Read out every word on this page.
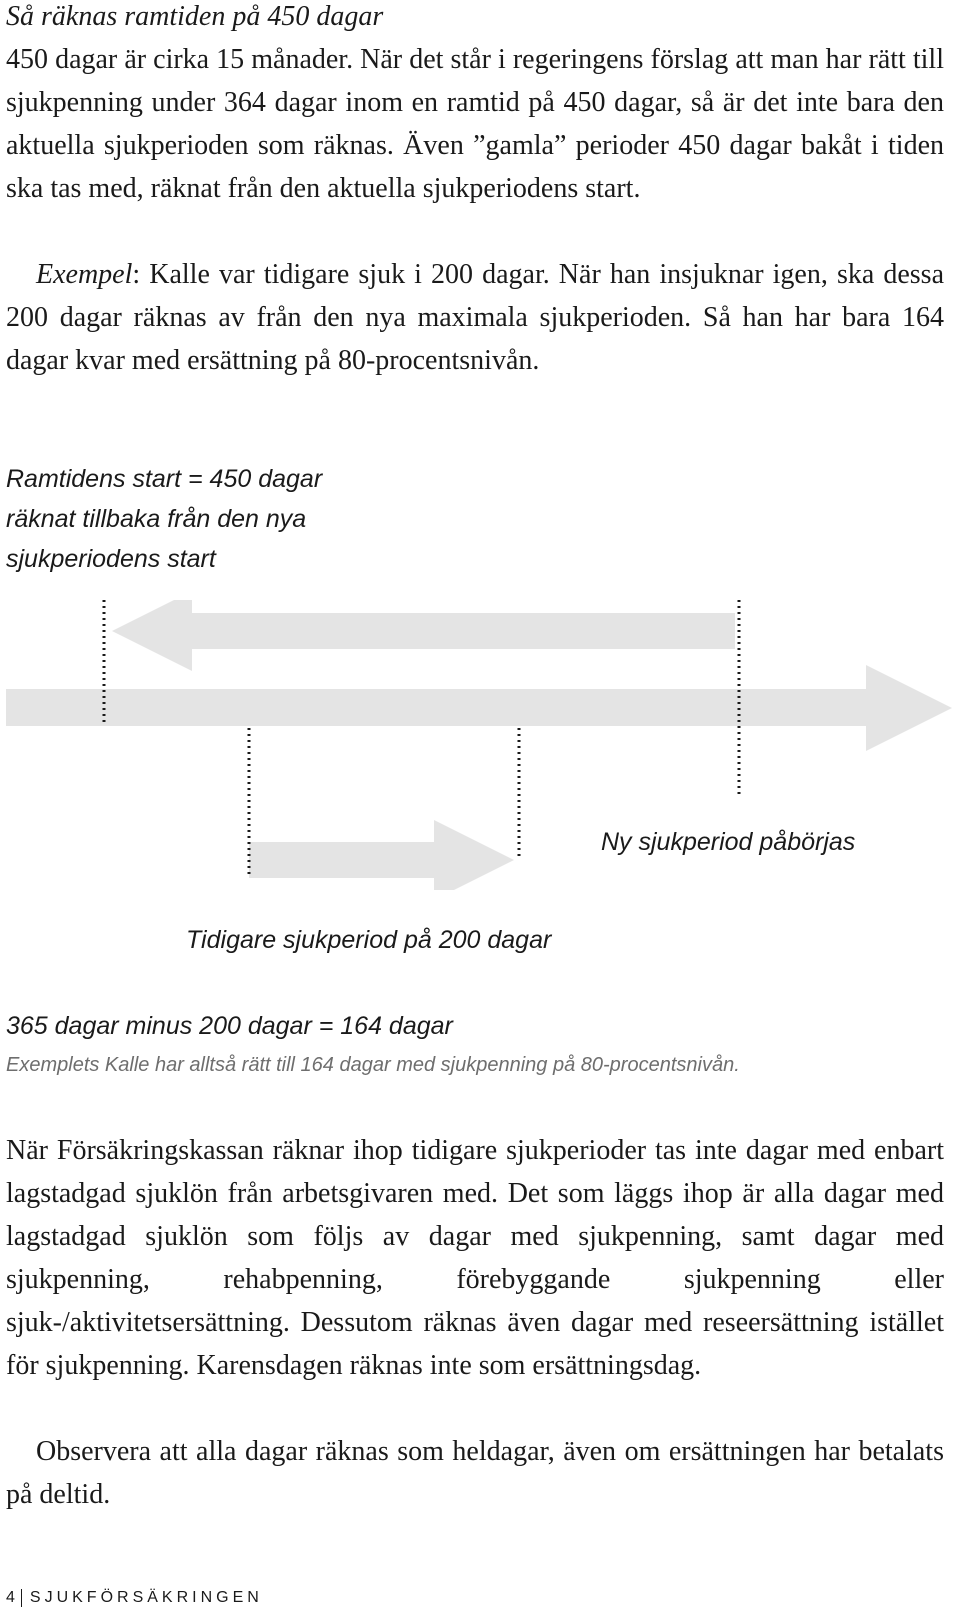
Så räknas ramtiden på 450 dagar
450 dagar är cirka 15 månader. När det står i regeringens förslag att man har rätt till sjukpenning under 364 dagar inom en ramtid på 450 dagar, så är det inte bara den aktuella sjukperioden som räknas. Även ”gamla” perioder 450 dagar bakåt i tiden ska tas med, räknat från den aktuella sjukperiodens start.
Exempel: Kalle var tidigare sjuk i 200 dagar. När han insjuknar igen, ska dessa 200 dagar räknas av från den nya maximala sjukperioden. Så han har bara 164 dagar kvar med ersättning på 80-procentsnivån.
Ramtidens start = 450 dagar
räknat tillbaka från den nya
sjukperiodens start
Ny sjukperiod påbörjas
Tidigare sjukperiod på 200 dagar
365 dagar minus 200 dagar = 164 dagar
Exemplets Kalle har alltså rätt till 164 dagar med sjukpenning på 80-procentsnivån.
När Försäkringskassan räknar ihop tidigare sjukperioder tas inte dagar med enbart lagstadgad sjuklön från arbetsgivaren med. Det som läggs ihop är alla dagar med lagstadgad sjuklön som följs av dagar med sjukpenning, samt dagar med sjukpenning, rehabpenning, förebyggande sjukpenning eller sjuk-/aktivitetsersättning. Dessutom räknas även dagar med reseersättning istället för sjukpenning. Karensdagen räknas inte som ersättningsdag.
Observera att alla dagar räknas som heldagar, även om ersättningen har betalats på deltid.
4 SJUKFÖRSÄKRINGEN
